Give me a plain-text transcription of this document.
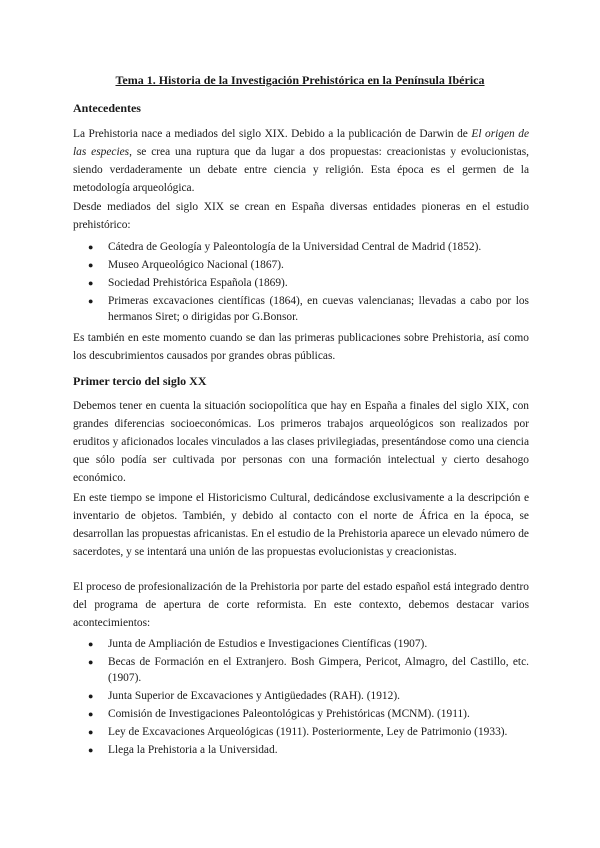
Tema 1. Historia de la Investigación Prehistórica en la Península Ibérica
Antecedentes

La Prehistoria nace a mediados del siglo XIX. Debido a la publicación de Darwin de El origen de las especies, se crea una ruptura que da lugar a dos propuestas: creacionistas y evolucionistas, siendo verdaderamente un debate entre ciencia y religión. Esta época es el germen de la metodología arqueológica.

Desde mediados del siglo XIX se crean en España diversas entidades pioneras en el estudio prehistórico:

● Cátedra de Geología y Paleontología de la Universidad Central de Madrid (1852).
● Museo Arqueológico Nacional (1867).
● Sociedad Prehistórica Española (1869).
● Primeras excavaciones científicas (1864), en cuevas valencianas; llevadas a cabo por los hermanos Siret; o dirigidas por G.Bonsor.

Es también en este momento cuando se dan las primeras publicaciones sobre Prehistoria, así como los descubrimientos causados por grandes obras públicas.

Primer tercio del siglo XX

Debemos tener en cuenta la situación sociopolítica que hay en España a finales del siglo XIX, con grandes diferencias socioeconómicas. Los primeros trabajos arqueológicos son realizados por eruditos y aficionados locales vinculados a las clases privilegiadas, presentándose como una ciencia que sólo podía ser cultivada por personas con una formación intelectual y cierto desahogo económico.

En este tiempo se impone el Historicismo Cultural, dedicándose exclusivamente a la descripción e inventario de objetos. También, y debido al contacto con el norte de África en la época, se desarrollan las propuestas africanistas. En el estudio de la Prehistoria aparece un elevado número de sacerdotes, y se intentará una unión de las propuestas evolucionistas y creacionistas.

El proceso de profesionalización de la Prehistoria por parte del estado español está integrado dentro del programa de apertura de corte reformista. En este contexto, debemos destacar varios acontecimientos:

● Junta de Ampliación de Estudios e Investigaciones Científicas (1907).
● Becas de Formación en el Extranjero. Bosh Gimpera, Pericot, Almagro, del Castillo, etc. (1907).
● Junta Superior de Excavaciones y Antigüedades (RAH). (1912).
● Comisión de Investigaciones Paleontológicas y Prehistóricas (MCNM). (1911).
● Ley de Excavaciones Arqueológicas (1911). Posteriormente, Ley de Patrimonio (1933).
● Llega la Prehistoria a la Universidad.
